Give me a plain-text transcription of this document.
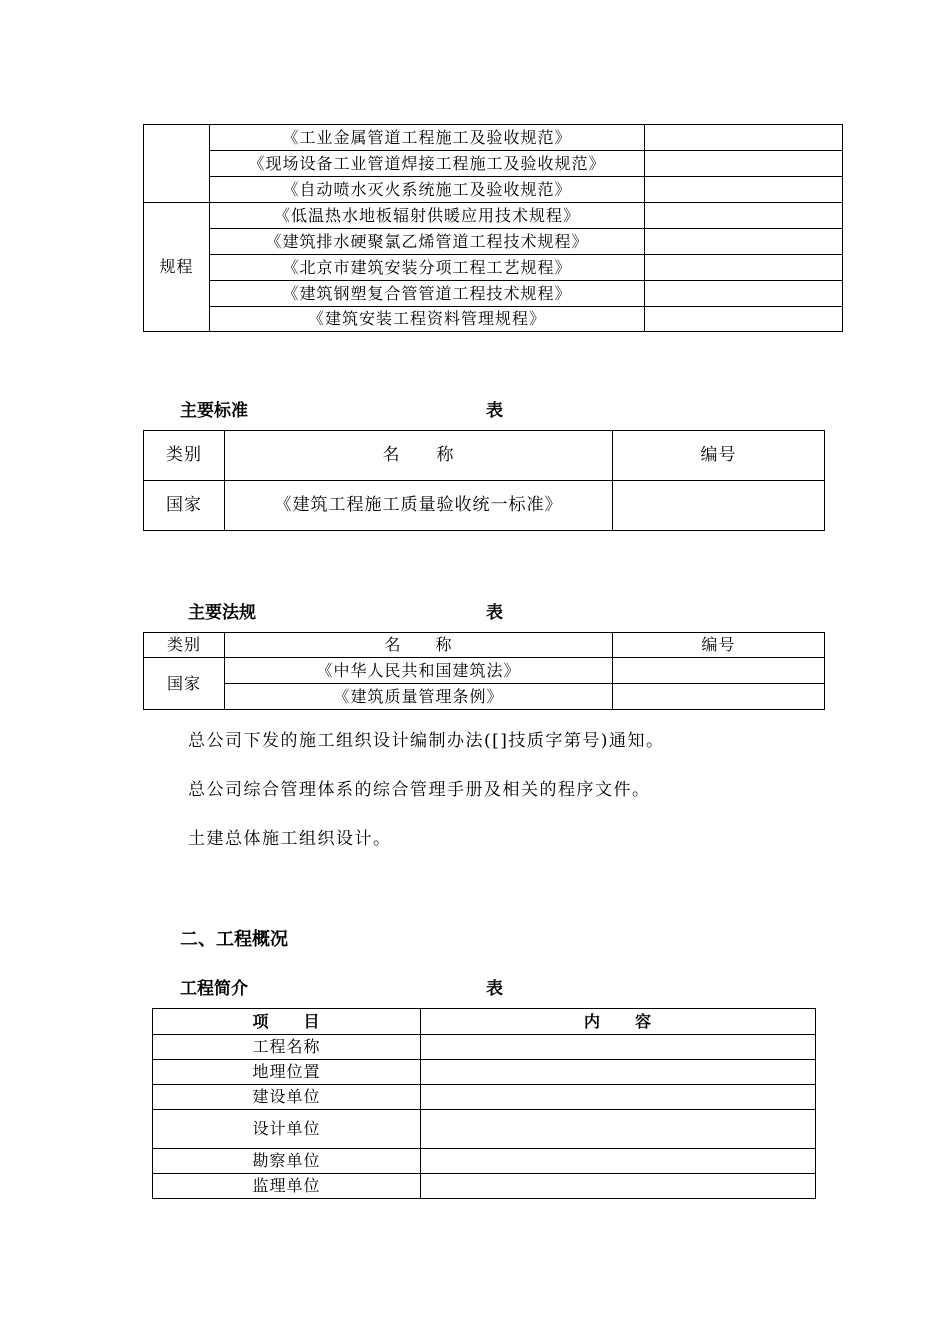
	《工业金属管道工程施工及验收规范》	
	《现场设备工业管道焊接工程施工及验收规范》	
	《自动喷水灭火系统施工及验收规范》	
规程	《低温热水地板辐射供暖应用技术规程》	
	《建筑排水硬聚氯乙烯管道工程技术规程》	
	《北京市建筑安装分项工程工艺规程》	
	《建筑钢塑复合管管道工程技术规程》	
	《建筑安装工程资料管理规程》	
主要标准	表
类别	名　　称	编号
国家	《建筑工程施工质量验收统一标准》	
主要法规	表
类别	名　　称	编号
国家	《中华人民共和国建筑法》	
	《建筑质量管理条例》	
总公司下发的施工组织设计编制办法([]技质字第号)通知。
总公司综合管理体系的综合管理手册及相关的程序文件。
土建总体施工组织设计。
二、工程概况
工程简介	表
项　　目	内　　容
工程名称	
地理位置	
建设单位	
设计单位	
勘察单位	
监理单位	
